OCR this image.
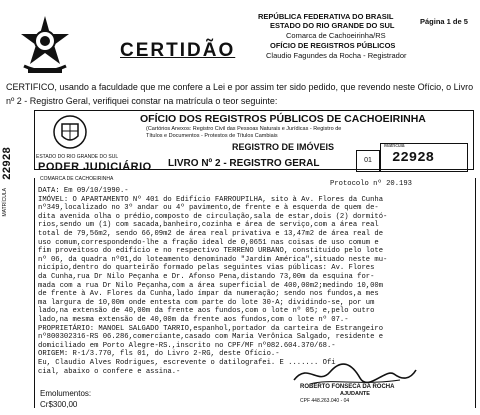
CERTIDÃO
REPÚBLICA FEDERATIVA DO BRASIL
ESTADO DO RIO GRANDE DO SUL	Página 1 de 5
Comarca de Cachoeirinha/RS
OFÍCIO DE REGISTROS PÚBLICOS
Claudio Fagundes da Rocha - Registrador
CERTIFICO, usando a faculdade que me confere a Lei e por assim ter sido pedido, que revendo neste Ofício, o Livro
nº 2 - Registro Geral, verifiquei constar na matrícula o teor seguinte:
22928
MATRÍCULA
ESTADO DO RIO GRANDE DO SUL
PODER JUDICIÁRIO
COMARCA DE CACHOEIRINHA
OFÍCIO DOS REGISTROS PÚBLICOS DE CACHOEIRINHA
(Cartórios Anexos: Registro Civil das Pessoas Naturais e Jurídicas - Registro de
Títulos e Documentos - Protestos de Títulos Cambiais
REGISTRO DE IMÓVEIS
LIVRO Nº 2 - REGISTRO GERAL	01
Matrícula
22928
Protocolo nº 20.193
DATA: Em 09/10/1990.-
IMÓVEL: O APARTAMENTO Nº 401 do Edifício FARROUPILHA, sito à Av. Flores da Cunha
nº349,localizado no 3º andar ou 4º pavimento,de frente e à esquerda de quem de-
dita avenida olha o prédio,composto de circulação,sala de estar,dois (2) dormitó-
rios,sendo um (1) com sacada,banheiro,cozinha e área de serviço,com a área real
total de 79,56m2, sendo 66,09m2 de área real privativa e 13,47m2 de área real de
uso comum,correspondendo-lhe a fração ideal de 0,0651 nas coisas de uso comum e
fim proveitoso do edifício e no respectivo TERRENO URBANO, constituído pelo lote
nº 06, da quadra nº01,do loteamento denominado "Jardim América",situado neste mu-
nicípio,dentro do quarteirão formado pelas seguintes vias públicas: Av. Flores
da Cunha,rua Dr Nilo Peçanha e Dr. Afonso Pena,distando 73,00m da esquina for-
mada com a rua Dr Nilo Peçanha,com a área superficial de 400,00m2;medindo 10,00m
de frente à Av. Flores da Cunha,lado ímpar da numeração; sendo nos fundos,a mes
ma largura de 10,00m onde entesta com parte do lote 30-A; dividindo-se, por um
lado,na extensão de 40,00m da frente aos fundos,com o lote nº 05; e,pelo outro
lado,na mesma extensão de 40,00m da frente aos fundos,com o lote nº 07.-
PROPRIETÁRIO: MANOEL SALGADO TARRIO,espanhol,portador da carteira de Estrangeiro
nº800302316-RS 06.286,comerciante,casado com Maria Verônica Salgado, residente e
domiciliado em Porto Alegre-RS.,inscrito no CPF/MF nº082.604.370/68.-
ORIGEM: R-1/3.770, fls 01, do Livro 2-RG, deste Ofício.-
Eu, Claudio Alves Rodrigues, escrevente o datilografei. E ....... Ofi
cial, abaixo o confere e assina.-
ROBERTO FONSECA DA ROCHA
AJUDANTE
CPF 448.263.040 - 04
Emolumentos:
Cr$300,00
